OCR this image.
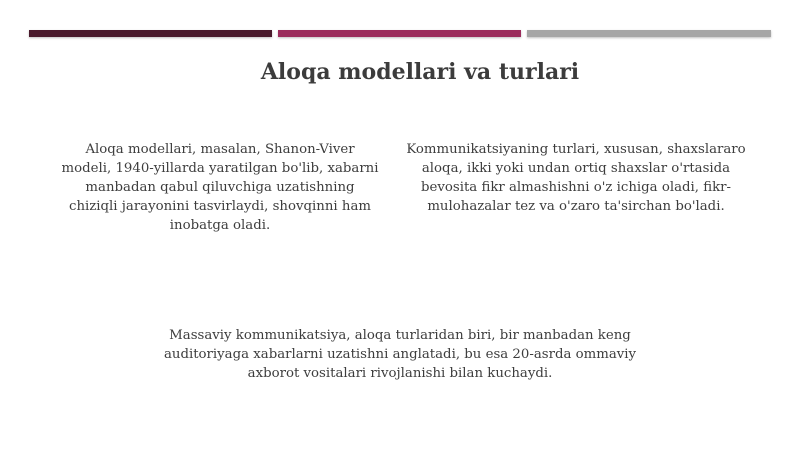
Aloqa modellari va turlari
Aloqa modellari, masalan, Shanon-Viver modeli, 1940-yillarda yaratilgan bo'lib, xabarni manbadan qabul qiluvchiga uzatishning chiziqli jarayonini tasvirlaydi, shovqinni ham inobatga oladi.
Kommunikatsiyaning turlari, xususan, shaxslararo aloqa, ikki yoki undan ortiq shaxslar o'rtasida bevosita fikr almashishni o'z ichiga oladi, fikr-mulohazalar tez va o'zaro ta'sirchan bo'ladi.
Massaviy kommunikatsiya, aloqa turlaridan biri, bir manbadan keng auditoriyaga xabarlarni uzatishni anglatadi, bu esa 20-asrda ommaviy axborot vositalari rivojlanishi bilan kuchaydi.
